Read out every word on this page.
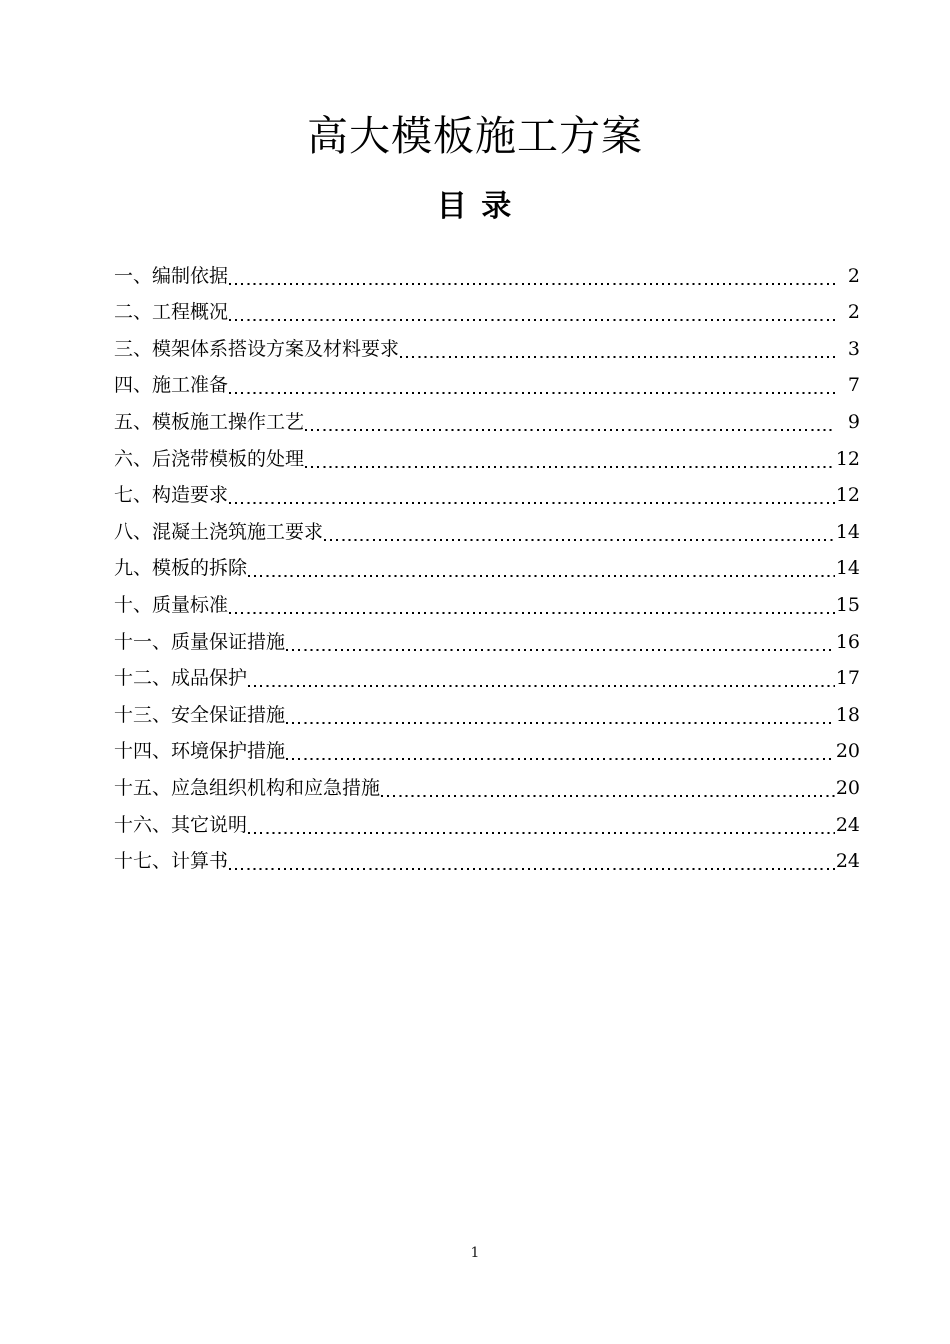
高大模板施工方案
目 录
一、编制依据	2
二、工程概况	2
三、模架体系搭设方案及材料要求	3
四、施工准备	7
五、模板施工操作工艺	9
六、后浇带模板的处理	12
七、构造要求	12
八、混凝土浇筑施工要求	14
九、模板的拆除	14
十、质量标准	15
十一、质量保证措施	16
十二、成品保护	17
十三、安全保证措施	18
十四、环境保护措施	20
十五、应急组织机构和应急措施	20
十六、其它说明	24
十七、计算书	24
1
